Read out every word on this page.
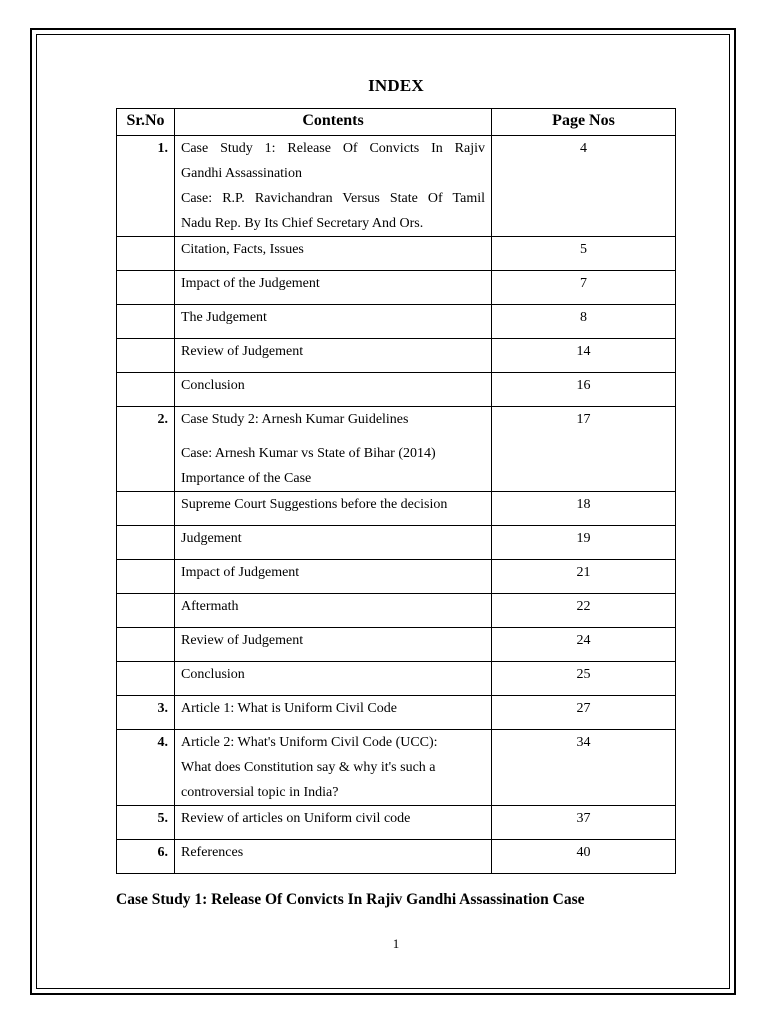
INDEX
Sr.No	Contents	Page Nos
1.	Case Study 1: Release Of Convicts In Rajiv
Gandhi Assassination
Case: R.P. Ravichandran Versus State Of Tamil
Nadu Rep. By Its Chief Secretary And Ors.	4

	Citation, Facts, Issues	5

	Impact of the Judgement	7

	The Judgement	8

	Review of Judgement	14

	Conclusion	16
2.	Case Study 2: Arnesh Kumar Guidelines
Case: Arnesh Kumar vs State of Bihar (2014)
Importance of the Case	17

	Supreme Court Suggestions before the decision	18

	Judgement	19

	Impact of Judgement	21

	Aftermath	22

	Review of Judgement	24

	Conclusion	25
3.	Article 1: What is Uniform Civil Code	27
4.	Article 2: What's Uniform Civil Code (UCC):
What does Constitution say & why it's such a
controversial topic in India?	34
5.	Review of articles on Uniform civil code	37
6.	References	40
Case Study 1: Release Of Convicts In Rajiv Gandhi Assassination Case
1
